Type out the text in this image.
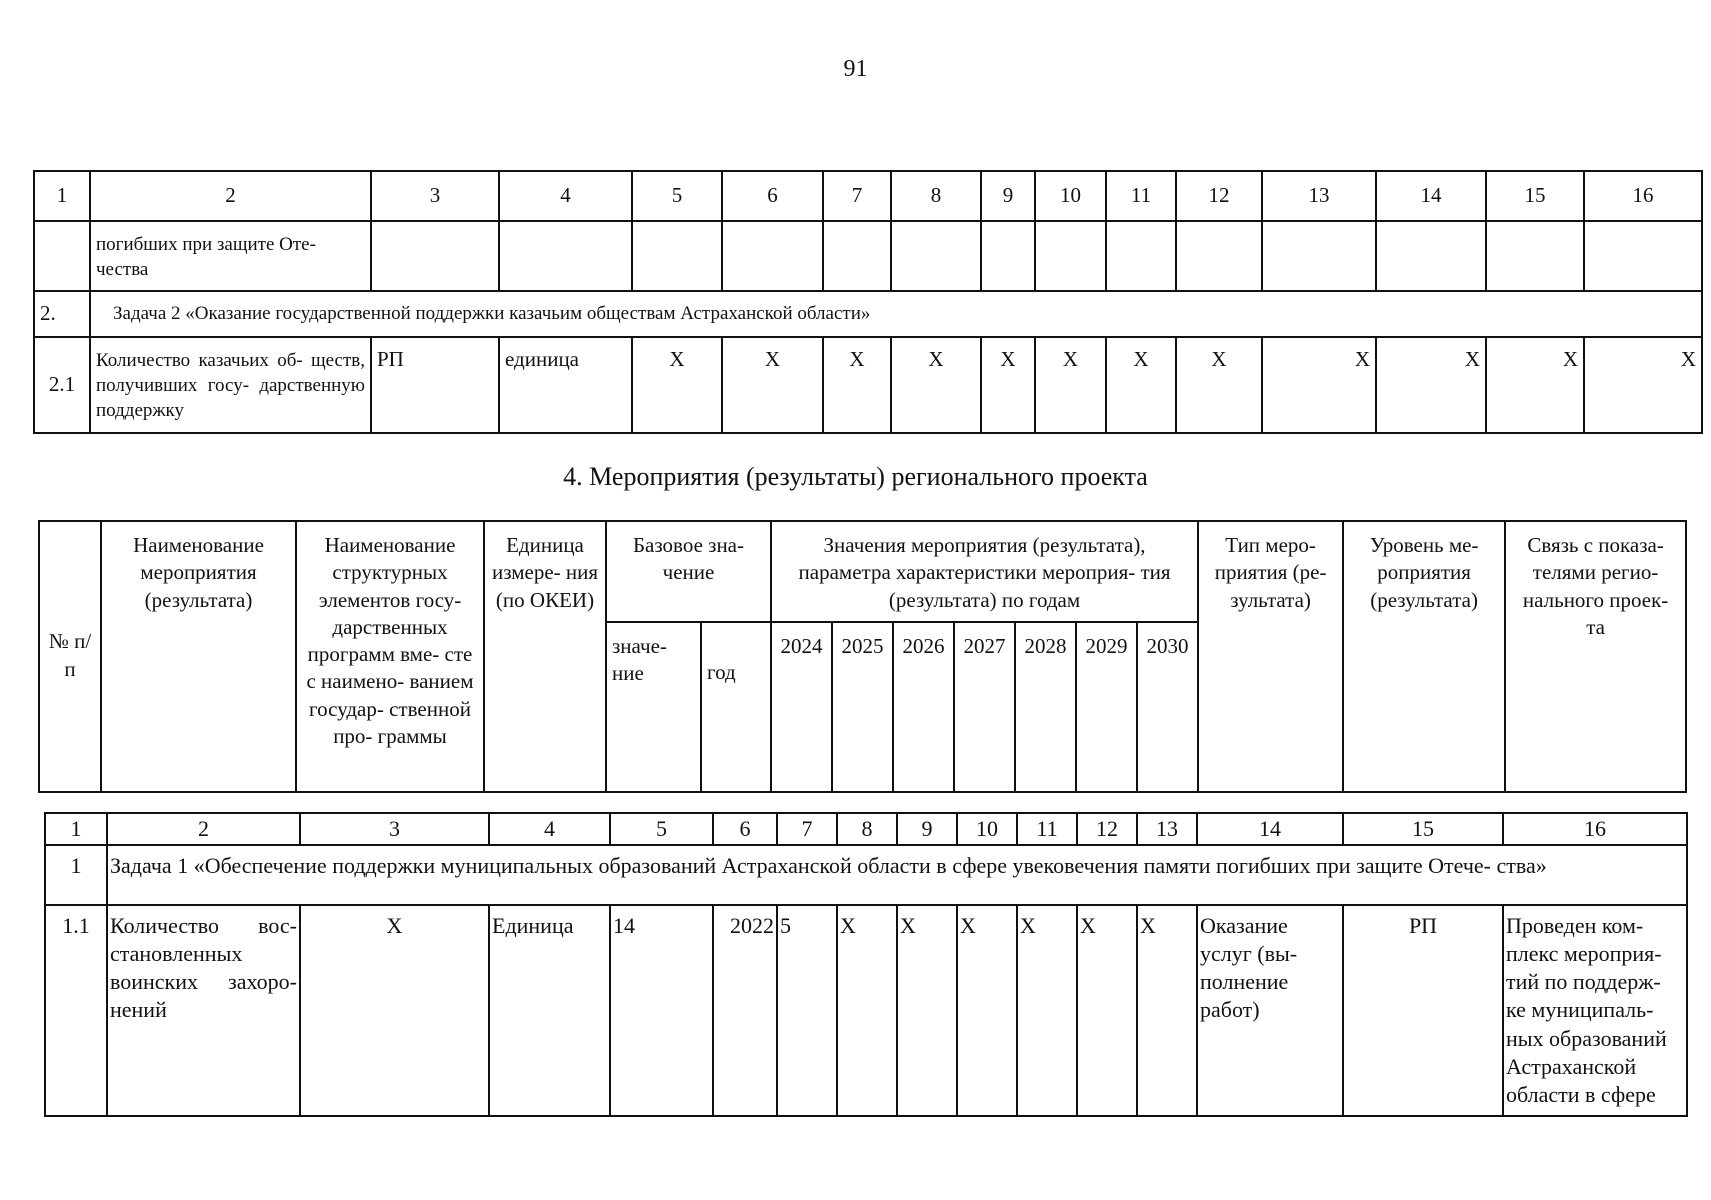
91
1	2	3	4	5	6	7	8	9	10	11	12	13	14	15	16
	погибших при защите Оте- чества														
2.	Задача 2 «Оказание государственной поддержки казачьим обществам Астраханской области»														
2.1	Количество казачьих об- ществ, получивших госу- дарственную поддержку	РП	единица	X	X	X	X	X	X	X	X	X	X	X	X
4. Мероприятия (результаты) регионального проекта
№ п/п	Наименование мероприятия (результата)	Наименование структурных элементов госу- дарственных программ вме- сте с наимено- ванием государ- ственной про- граммы	Единица измере- ния (по ОКЕИ)	Базовое зна- чение		Значения мероприятия (результата), параметра характеристики мероприя- тия (результата) по годам							Тип меро- приятия (ре- зультата)	Уровень ме- роприятия (результата)	Связь с показа- телями регио- нального проек- та
				значе- ние	год	2024	2025	2026	2027	2028	2029	2030			
1	2	3	4	5	6	7	8	9	10	11	12	13	14	15	16
1	Задача 1 «Обеспечение поддержки муниципальных образований Астраханской области в сфере увековечения памяти погибших при защите Отече- ства»														
1.1	Количество вос- становленных воинских захоро- нений	X	Единица	14	2022	5	X	X	X	X	X	X	Оказание услуг (вы- полнение работ)	РП	Проведен ком- плекс мероприя- тий по поддерж- ке муниципаль- ных образований Астраханской области в сфере
